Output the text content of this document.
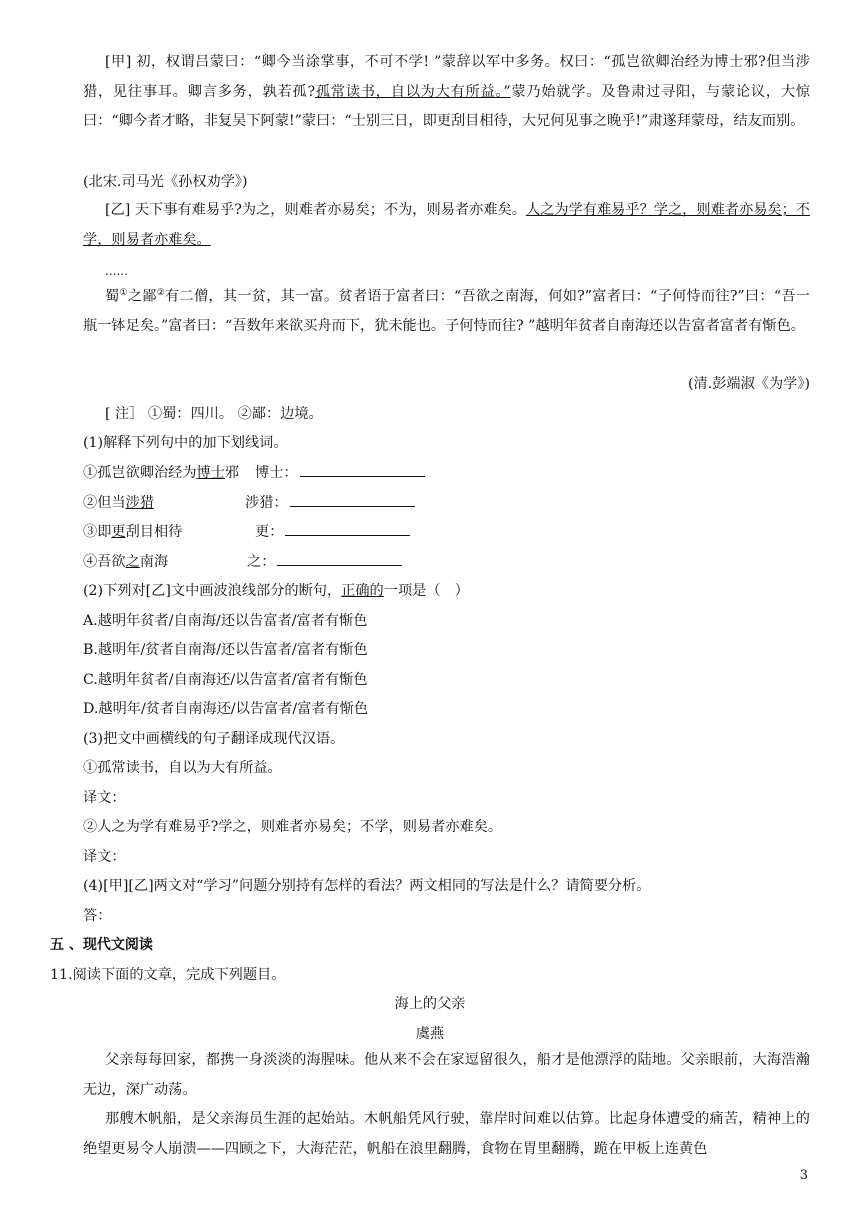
[甲] 初，权谓吕蒙曰：“卿今当涂掌事，不可不学! ”蒙辞以军中多务。权曰：“孤岂欲卿治经为博士邪?但当涉猎，见往事耳。卿言多务，孰若孤?孤常读书，自以为大有所益。”蒙乃始就学。及鲁肃过寻阳，与蒙论议，大惊曰：“卿今者才略，非复吴下阿蒙!”蒙曰：“士别三日，即更刮目相待，大兄何见事之晚乎!”肃遂拜蒙母，结友而别。

(北宋.司马光《孙权劝学》)

[乙] 天下事有难易乎?为之，则难者亦易矣；不为，则易者亦难矣。人之为学有难易乎？学之，则难者亦易矣；不学，则易者亦难矣。

......

蜀①之鄙②有二僧，其一贫，其一富。贫者语于富者曰：“吾欲之南海，何如?”富者曰：“子何恃而往?”曰：“吾一瓶一钵足矣。”富者曰：“吾数年来欲买舟而下，犹未能也。子何恃而往? ”越明年贫者自南海还以告富者富者有惭色。

(清.彭端淑《为学》)

[ 注］ ①蜀：四川。 ②鄙：边境。

(1)解释下列句中的加下划线词。

①孤岂欲卿治经为博士邪 博士：

②但当涉猎	涉猎：

③即更刮目相待	更：

④吾欲之南海	之：

(2)下列对[乙]文中画波浪线部分的断句，正确的一项是（　）

A.越明年贫者/自南海/还以告富者/富者有惭色

B.越明年/贫者自南海/还以告富者/富者有惭色

C.越明年贫者/自南海还/以告富者/富者有惭色

D.越明年/贫者自南海还/以告富者/富者有惭色

(3)把文中画横线的句子翻译成现代汉语。

①孤常读书，自以为大有所益。

译文：

②人之为学有难易乎?学之，则难者亦易矣；不学，则易者亦难矣。

译文：

(4)[甲][乙]两文对“学习”问题分别持有怎样的看法？两文相同的写法是什么？请简要分析。

答：

五 、现代文阅读

11.阅读下面的文章，完成下列题目。

海上的父亲

虞燕

父亲每每回家，都携一身淡淡的海腥味。他从来不会在家逗留很久，船才是他漂浮的陆地。父亲眼前，大海浩瀚无边，深广动荡。

那艘木帆船，是父亲海员生涯的起始站。木帆船凭风行驶，靠岸时间难以估算。比起身体遭受的痛苦，精神上的绝望更易令人崩溃——四顾之下，大海茫茫，帆船在浪里翻腾，食物在胃里翻腾，跪在甲板上连黄色

3
